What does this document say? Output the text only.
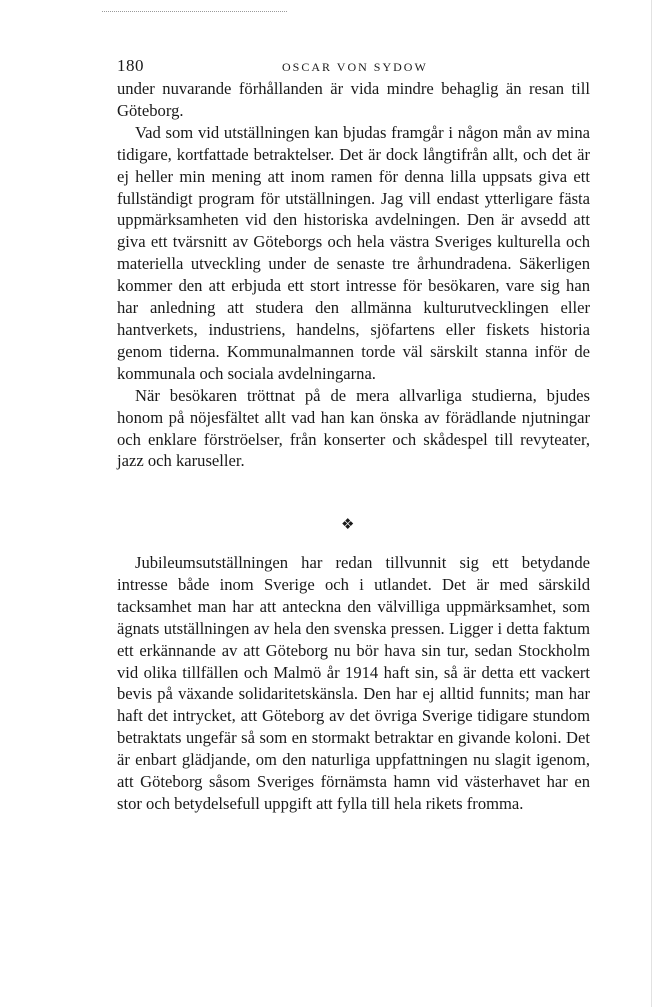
180	OSCAR VON SYDOW

under nuvarande förhållanden är vida mindre behaglig än resan till Göteborg.

Vad som vid utställningen kan bjudas framgår i någon mån av mina tidigare, kortfattade betraktelser. Det är dock långtifrån allt, och det är ej heller min mening att inom ramen för denna lilla uppsats giva ett fullständigt program för utställningen. Jag vill endast ytterligare fästa uppmärksamheten vid den historiska avdelningen. Den är avsedd att giva ett tvärsnitt av Göteborgs och hela västra Sveriges kulturella och materiella utveckling under de senaste tre århundradena. Säkerligen kommer den att erbjuda ett stort intresse för besökaren, vare sig han har anledning att studera den allmänna kulturutvecklingen eller hantverkets, industriens, handelns, sjöfartens eller fiskets historia genom tiderna. Kommunalmannen torde väl särskilt stanna inför de kommunala och sociala avdelningarna.

När besökaren tröttnat på de mera allvarliga studierna, bjudes honom på nöjesfältet allt vad han kan önska av förädlande njutningar och enklare förströelser, från konserter och skådespel till revyteater, jazz och karuseller.

❖

Jubileumsutställningen har redan tillvunnit sig ett betydande intresse både inom Sverige och i utlandet. Det är med särskild tacksamhet man har att anteckna den välvilliga uppmärksamhet, som ägnats utställningen av hela den svenska pressen. Ligger i detta faktum ett erkännande av att Göteborg nu bör hava sin tur, sedan Stockholm vid olika tillfällen och Malmö år 1914 haft sin, så är detta ett vackert bevis på växande solidaritetskänsla. Den har ej alltid funnits; man har haft det intrycket, att Göteborg av det övriga Sverige tidigare stundom betraktats ungefär så som en stormakt betraktar en givande koloni. Det är enbart glädjande, om den naturliga uppfattningen nu slagit igenom, att Göteborg såsom Sveriges förnämsta hamn vid västerhavet har en stor och betydelsefull uppgift att fylla till hela rikets fromma.
